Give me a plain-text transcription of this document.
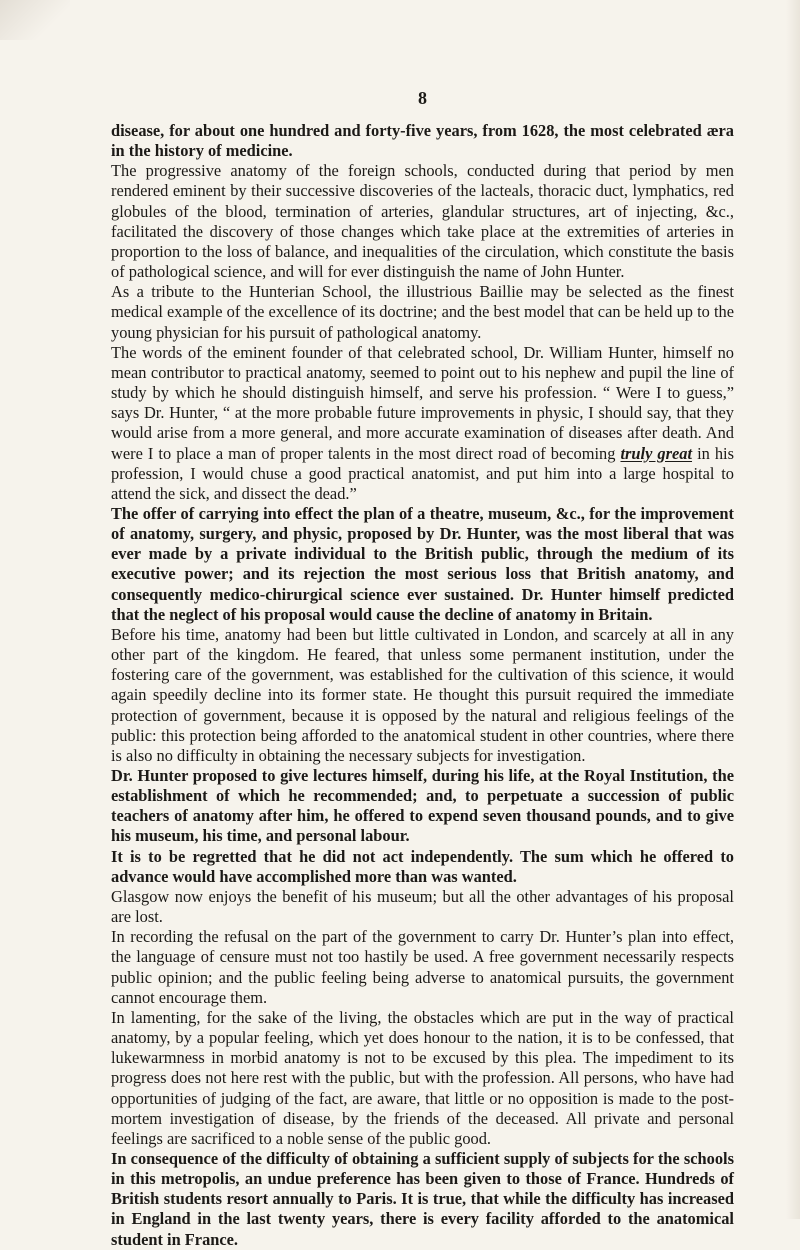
8

disease, for about one hundred and forty-five years, from 1628, the most celebrated æra in the history of medicine.

The progressive anatomy of the foreign schools, conducted during that period by men rendered eminent by their successive discoveries of the lacteals, thoracic duct, lymphatics, red globules of the blood, termination of arteries, glandular structures, art of injecting, &c., facilitated the discovery of those changes which take place at the extremities of arteries in proportion to the loss of balance, and inequalities of the circulation, which constitute the basis of pathological science, and will for ever distinguish the name of John Hunter.

As a tribute to the Hunterian School, the illustrious Baillie may be selected as the finest medical example of the excellence of its doctrine; and the best model that can be held up to the young physician for his pursuit of pathological anatomy.

The words of the eminent founder of that celebrated school, Dr. William Hunter, himself no mean contributor to practical anatomy, seemed to point out to his nephew and pupil the line of study by which he should distinguish himself, and serve his profession. “ Were I to guess,” says Dr. Hunter, “ at the more probable future improvements in physic, I should say, that they would arise from a more general, and more accurate examination of diseases after death. And were I to place a man of proper talents in the most direct road of becoming truly great in his profession, I would chuse a good practical anatomist, and put him into a large hospital to attend the sick, and dissect the dead.”

The offer of carrying into effect the plan of a theatre, museum, &c., for the improvement of anatomy, surgery, and physic, proposed by Dr. Hunter, was the most liberal that was ever made by a private individual to the British public, through the medium of its executive power; and its rejection the most serious loss that British anatomy, and consequently medico-chirurgical science ever sustained. Dr. Hunter himself predicted that the neglect of his proposal would cause the decline of anatomy in Britain.

Before his time, anatomy had been but little cultivated in London, and scarcely at all in any other part of the kingdom. He feared, that unless some permanent institution, under the fostering care of the government, was established for the cultivation of this science, it would again speedily decline into its former state. He thought this pursuit required the immediate protection of government, because it is opposed by the natural and religious feelings of the public: this protection being afforded to the anatomical student in other countries, where there is also no difficulty in obtaining the necessary subjects for investigation.

Dr. Hunter proposed to give lectures himself, during his life, at the Royal Institution, the establishment of which he recommended; and, to perpetuate a succession of public teachers of anatomy after him, he offered to expend seven thousand pounds, and to give his museum, his time, and personal labour.

It is to be regretted that he did not act independently. The sum which he offered to advance would have accomplished more than was wanted.

Glasgow now enjoys the benefit of his museum; but all the other advantages of his proposal are lost.

In recording the refusal on the part of the government to carry Dr. Hunter’s plan into effect, the language of censure must not too hastily be used. A free government necessarily respects public opinion; and the public feeling being adverse to anatomical pursuits, the government cannot encourage them.

In lamenting, for the sake of the living, the obstacles which are put in the way of practical anatomy, by a popular feeling, which yet does honour to the nation, it is to be confessed, that lukewarmness in morbid anatomy is not to be excused by this plea. The impediment to its progress does not here rest with the public, but with the profession. All persons, who have had opportunities of judging of the fact, are aware, that little or no opposition is made to the post-mortem investigation of disease, by the friends of the deceased. All private and personal feelings are sacrificed to a noble sense of the public good.

In consequence of the difficulty of obtaining a sufficient supply of subjects for the schools in this metropolis, an undue preference has been given to those of France. Hundreds of British students resort annually to Paris. It is true, that while the difficulty has increased in England in the last twenty years, there is every facility afforded to the anatomical student in France.
